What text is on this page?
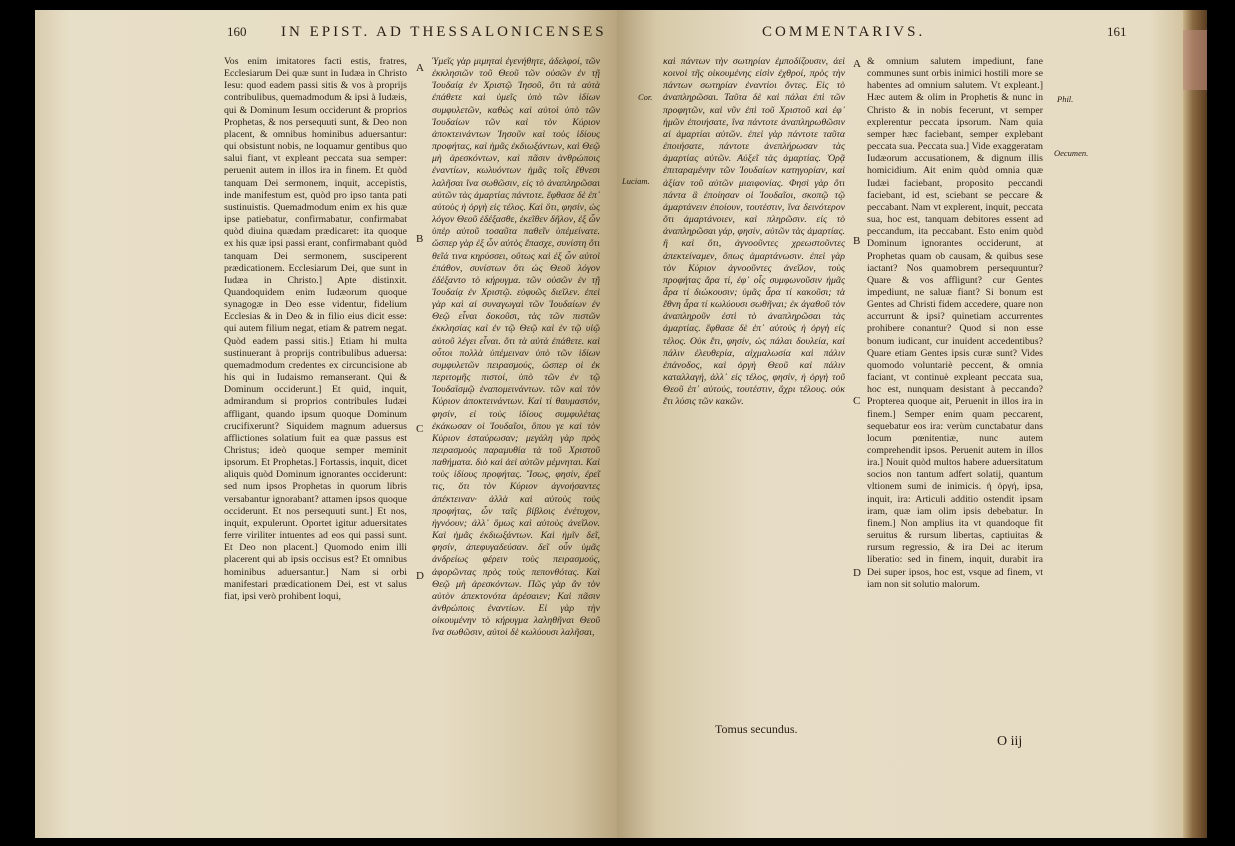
160 IN EPIST. AD THESSALONICENSES

Vos enim imitatores facti estis, fratres, Ecclesiarum Dei quæ sunt in Iudæa in Christo Iesu: quod eadem passi sitis & vos à proprijs contribulibus, quemadmodum & ipsi à Iudæis, qui & Dominum Iesum occiderunt & proprios Prophetas, & nos persequuti sunt, & Deo non placent, & omnibus hominibus aduersantur: qui obsistunt nobis, ne loquamur gentibus quo salui fiant, vt expleant peccata sua semper: peruenit autem in illos ira in finem. Et quòd tanquam Dei sermonem, inquit, accepistis, inde manifestum est, quòd pro ipso tanta pati sustinuistis. Quemadmodum enim ex his quæ ipse patiebatur, confirmabatur, confirmabat quòd diuina quædam prædicaret: ita quoque ex his quæ ipsi passi erant, confirmabant quòd tanquam Dei sermonem, susciperent prædicationem. Ecclesiarum Dei, que sunt in Iudæa in Christo.] Apte distinxit. Quandoquidem enim Iudæorum quoque synagogæ in Deo esse videntur, fidelium Ecclesias & in Deo & in filio eius dicit esse: qui autem filium negat, etiam & patrem negat. Quòd eadem passi sitis.] Etiam hi multa sustinuerant à proprijs contribulibus aduersa: quemadmodum credentes ex circuncisione ab his qui in Iudaismo remanserant. Qui & Dominum occiderunt.] Et quid, inquit, admirandum si proprios contribules Iudæi affligant, quando ipsum quoque Dominum crucifixerunt? Siquidem magnum aduersus afflictiones solatium fuit ea quæ passus est Christus; ideò quoque semper meminit ipsorum. Et Prophetas.] Fortassis, inquit, dicet aliquis quòd Dominum ignorantes occiderunt: sed num ipsos Prophetas in quorum libris versabantur ignorabant? attamen ipsos quoque occiderunt. Et nos persequuti sunt.] Et nos, inquit, expulerunt. Oportet igitur aduersitates ferre viriliter intuentes ad eos qui passi sunt. Et Deo non placent.] Quomodo enim illi placerent qui ab ipsis occisus est? Et omnibus hominibus aduersantur.] Nam si orbi manifestari prædicationem Dei, est vt salus fiat, ipsi verò prohibent loqui,

Ὑμεῖς γὰρ μιμηταὶ ἐγενήθητε, ἀδελφοί, τῶν ἐκκλησιῶν τοῦ Θεοῦ τῶν οὐσῶν ἐν τῇ Ἰουδαίᾳ ἐν Χριστῷ Ἰησοῦ, ὅτι τὰ αὐτὰ ἐπάθετε καὶ ὑμεῖς ὑπὸ τῶν ἰδίων συμφυλετῶν, καθὼς καὶ αὐτοὶ ὑπὸ τῶν Ἰουδαίων τῶν καὶ τὸν Κύριον ἀποκτεινάντων Ἰησοῦν καὶ τοὺς ἰδίους προφήτας, καὶ ἡμᾶς ἐκδιωξάντων, καὶ Θεῷ μὴ ἀρεσκόντων, καὶ πᾶσιν ἀνθρώποις ἐναντίων, κωλυόντων ἡμᾶς τοῖς ἔθνεσι λαλῆσαι ἵνα σωθῶσιν, εἰς τὸ ἀναπληρῶσαι αὐτῶν τὰς ἁμαρτίας πάντοτε. ἔφθασε δὲ ἐπ᾽ αὐτοὺς ἡ ὀργὴ εἰς τέλος. Καὶ ὅτι, φησίν, ὡς λόγον Θεοῦ ἐδέξασθε, ἐκεῖθεν δῆλον, ἐξ ὧν ὑπὲρ αὐτοῦ τοσαῦτα παθεῖν ὑπέμείνατε. ὥσπερ γὰρ ἐξ ὧν αὐτὸς ἔπασχε, συνίστη ὅτι θεῖά τινα κηρύσσει, οὕτως καὶ ἐξ ὧν αὐτοὶ ἐπάθον, συνίστων ὅτι ὡς Θεοῦ λόγον ἐδέξαντο τὸ κήρυγμα. τῶν οὐσῶν ἐν τῇ Ἰουδαίᾳ ἐν Χριστῷ. εὐφυῶς διεῖλεν. ἐπεὶ γὰρ καὶ αἱ συναγωγαὶ τῶν Ἰουδαίων ἐν Θεῷ εἶναι δοκοῦσι, τὰς τῶν πιστῶν ἐκκλησίας καὶ ἐν τῷ Θεῷ καὶ ἐν τῷ υἱῷ αὐτοῦ λέγει εἶναι. ὅτι τὰ αὐτὰ ἐπάθετε. καὶ οὗτοι πολλὰ ὑπέμειναν ὑπὸ τῶν ἰδίων συμφυλετῶν πειρασμούς, ὥσπερ οἱ ἐκ περιτομῆς πιστοί, ὑπὸ τῶν ἐν τῷ Ἰουδαϊσμῷ ἐναπομεινάντων. τῶν καὶ τὸν Κύριον ἀποκτεινάντων. Καὶ τί θαυμαστόν, φησίν, εἰ τοὺς ἰδίους συμφυλέτας ἐκάκωσαν οἱ Ἰουδαῖοι, ὅπου γε καὶ τὸν Κύριον ἐσταύρωσαν; μεγάλη γὰρ πρὸς πειρασμοὺς παραμυθία τὰ τοῦ Χριστοῦ παθήματα. διὸ καὶ ἀεὶ αὐτῶν μέμνηται. Καὶ τοὺς ἰδίους προφήτας. Ἴσως, φησίν, ἐρεῖ τις, ὅτι τὸν Κύριον ἀγνοήσαντες ἀπέκτειναν· ἀλλὰ καὶ αὐτοὺς τοὺς προφήτας, ὧν ταῖς βίβλοις ἐνέτυχον, ἠγνόουν; ἀλλ᾽ ὅμως καὶ αὐτοὺς ἀνεῖλον. Καὶ ἡμᾶς ἐκδιωξάντων. Καὶ ἡμῖν δεῖ, φησίν, ἀπεφυγαδεύσαν. δεῖ οὖν ὑμᾶς ἀνδρείως φέρειν τοὺς πειρασμούς, ἀφορῶντας πρὸς τοὺς πεπονθότας. Καὶ Θεῷ μὴ ἀρεσκόντων. Πῶς γὰρ ἂν τὸν αὐτὸν ἀπεκτονότα ἀρέσαιεν; Καὶ πᾶσιν ἀνθρώποις ἐναντίων. Εἰ γὰρ τὴν οἰκουμένην τὸ κήρυγμα λαληθῆναι Θεοῦ ἵνα σωθῶσιν, αὐτοὶ δὲ κωλύουσι λαλῆσαι,

A
B
C
D
COMMENTARIVS.	161

καὶ πάντων τὴν σωτηρίαν ἐμποδίζουσιν, ἀεὶ κοινοὶ τῆς οἰκουμένης εἰσὶν ἐχθροί, πρὸς τὴν πάντων σωτηρίαν ἐναντίοι ὄντες. Εἰς τὸ ἀναπληρῶσαι. Ταῦτα δὲ καὶ πάλαι ἐπὶ τῶν προφητῶν, καὶ νῦν ἐπὶ τοῦ Χριστοῦ καὶ ἐφ᾽ ἡμῶν ἐποιήσατε, ἵνα πάντοτε ἀναπληρωθῶσιν αἱ ἁμαρτίαι αὐτῶν. ἐπεὶ γὰρ πάντοτε ταῦτα ἐποιήσατε, πάντοτε ἀνεπλήρωσαν τὰς ἁμαρτίας αὐτῶν. Αὐξεῖ τὰς ἁμαρτίας. Ὁρᾷ ἐπιταραμένην τῶν Ἰουδαίων κατηγορίαν, καὶ ἀξίαν τοῦ αὐτῶν μιαιφονίας. Φησὶ γὰρ ὅτι πάντα ἃ ἐποίησαν οἱ Ἰουδαῖοι, σκοπῷ τῷ ἁμαρτάνειν ἐποίουν, τουτέστιν, ἵνα δεινότερον ὅτι ἁμαρτάνοιεν, καὶ πληρῶσιν. εἰς τὸ ἀναπληρῶσαι γάρ, φησίν, αὐτῶν τὰς ἁμαρτίας. ἢ καὶ ὅτι, ἀγνοοῦντες χρεωστοῦντες ἀπεκτείναμεν, ὅπως ἀμαρτάνωσιν. ἐπεὶ γὰρ τὸν Κύριον ἀγνοοῦντες ἀνεῖλον, τοὺς προφήτας ἄρα τί, ἐφ᾽ οἷς συμφωνοῦσιν ἡμᾶς ἆρα τί διώκουσιν; ὑμᾶς ἆρα τί κακοῦσι; τὰ ἔθνη ἆρα τί κωλύουσι σωθῆναι; ἐκ ἀγαθοῦ τὸν ἀναπληροῦν ἐστὶ τὸ ἀναπληρῶσαι τὰς ἁμαρτίας. ἔφθασε δὲ ἐπ᾽ αὐτοὺς ἡ ὀργὴ εἰς τέλος. Οὐκ ἔτι, φησίν, ὡς πάλαι δουλεία, καὶ πάλιν ἐλευθερία, αἰχμαλωσία καὶ πάλιν ἐπάνοδος, καὶ ὀργὴ Θεοῦ καὶ πάλιν καταλλαγή, ἀλλ᾽ εἰς τέλος, φησίν, ἡ ὀργὴ τοῦ Θεοῦ ἐπ᾽ αὐτούς, τουτέστιν, ἄχρι τέλους. οὐκ ἔτι λύσις τῶν κακῶν.

& omnium salutem impediunt, fane communes sunt orbis inimici hostili more se habentes ad omnium salutem. Vt expleant.] Hæc autem & olim in Prophetis & nunc in Christo & in nobis fecerunt, vt semper explerentur peccata ipsorum. Nam quia semper hæc faciebant, semper explebant peccata sua. Peccata sua.] Vide exaggeratam Iudæorum accusationem, & dignum illis homicidium. Ait enim quòd omnia quæ Iudæi faciebant, proposito peccandi faciebant, id est, sciebant se peccare & peccabant. Nam vt explerent, inquit, peccata sua, hoc est, tanquam debitores essent ad peccandum, ita peccabant. Esto enim quòd Dominum ignorantes occiderunt, at Prophetas quam ob causam, & quibus sese iactant? Nos quamobrem persequuntur? Quare & vos affligunt? cur Gentes impediunt, ne saluæ fiant? Si bonum est Gentes ad Christi fidem accedere, quare non accurrunt & ipsi? quinetiam accurrentes prohibere conantur? Quod si non esse bonum iudicant, cur inuident accedentibus? Quare etiam Gentes ipsis curæ sunt? Vides quomodo voluntariè peccent, & omnia faciant, vt continuè expleant peccata sua, hoc est, nunquam desistant à peccando? Propterea quoque ait, Peruenit in illos ira in finem.] Semper enim quam peccarent, sequebatur eos ira: verùm cunctabatur dans locum pœnitentiæ, nunc autem comprehendit ipsos. Peruenit autem in illos ira.] Nouit quòd multos habere aduersitatum socios non tantum adfert solatij, quantum vltionem sumi de inimicis. ἡ ὀργή, ipsa, inquit, ira: Articuli additio ostendit ipsam iram, quæ iam olim ipsis debebatur. In finem.] Non amplius ita vt quandoque fit seruitus & rursum libertas, captiuitas & rursum regressio, & ira Dei ac iterum liberatio: sed in finem, inquit, durabit ira Dei super ipsos, hoc est, vsque ad finem, vt iam non sit solutio malorum.

A
B
C
D
Cor.
Luciam.
Phil.
Oecumen.
Tomus secundus.
O iij
